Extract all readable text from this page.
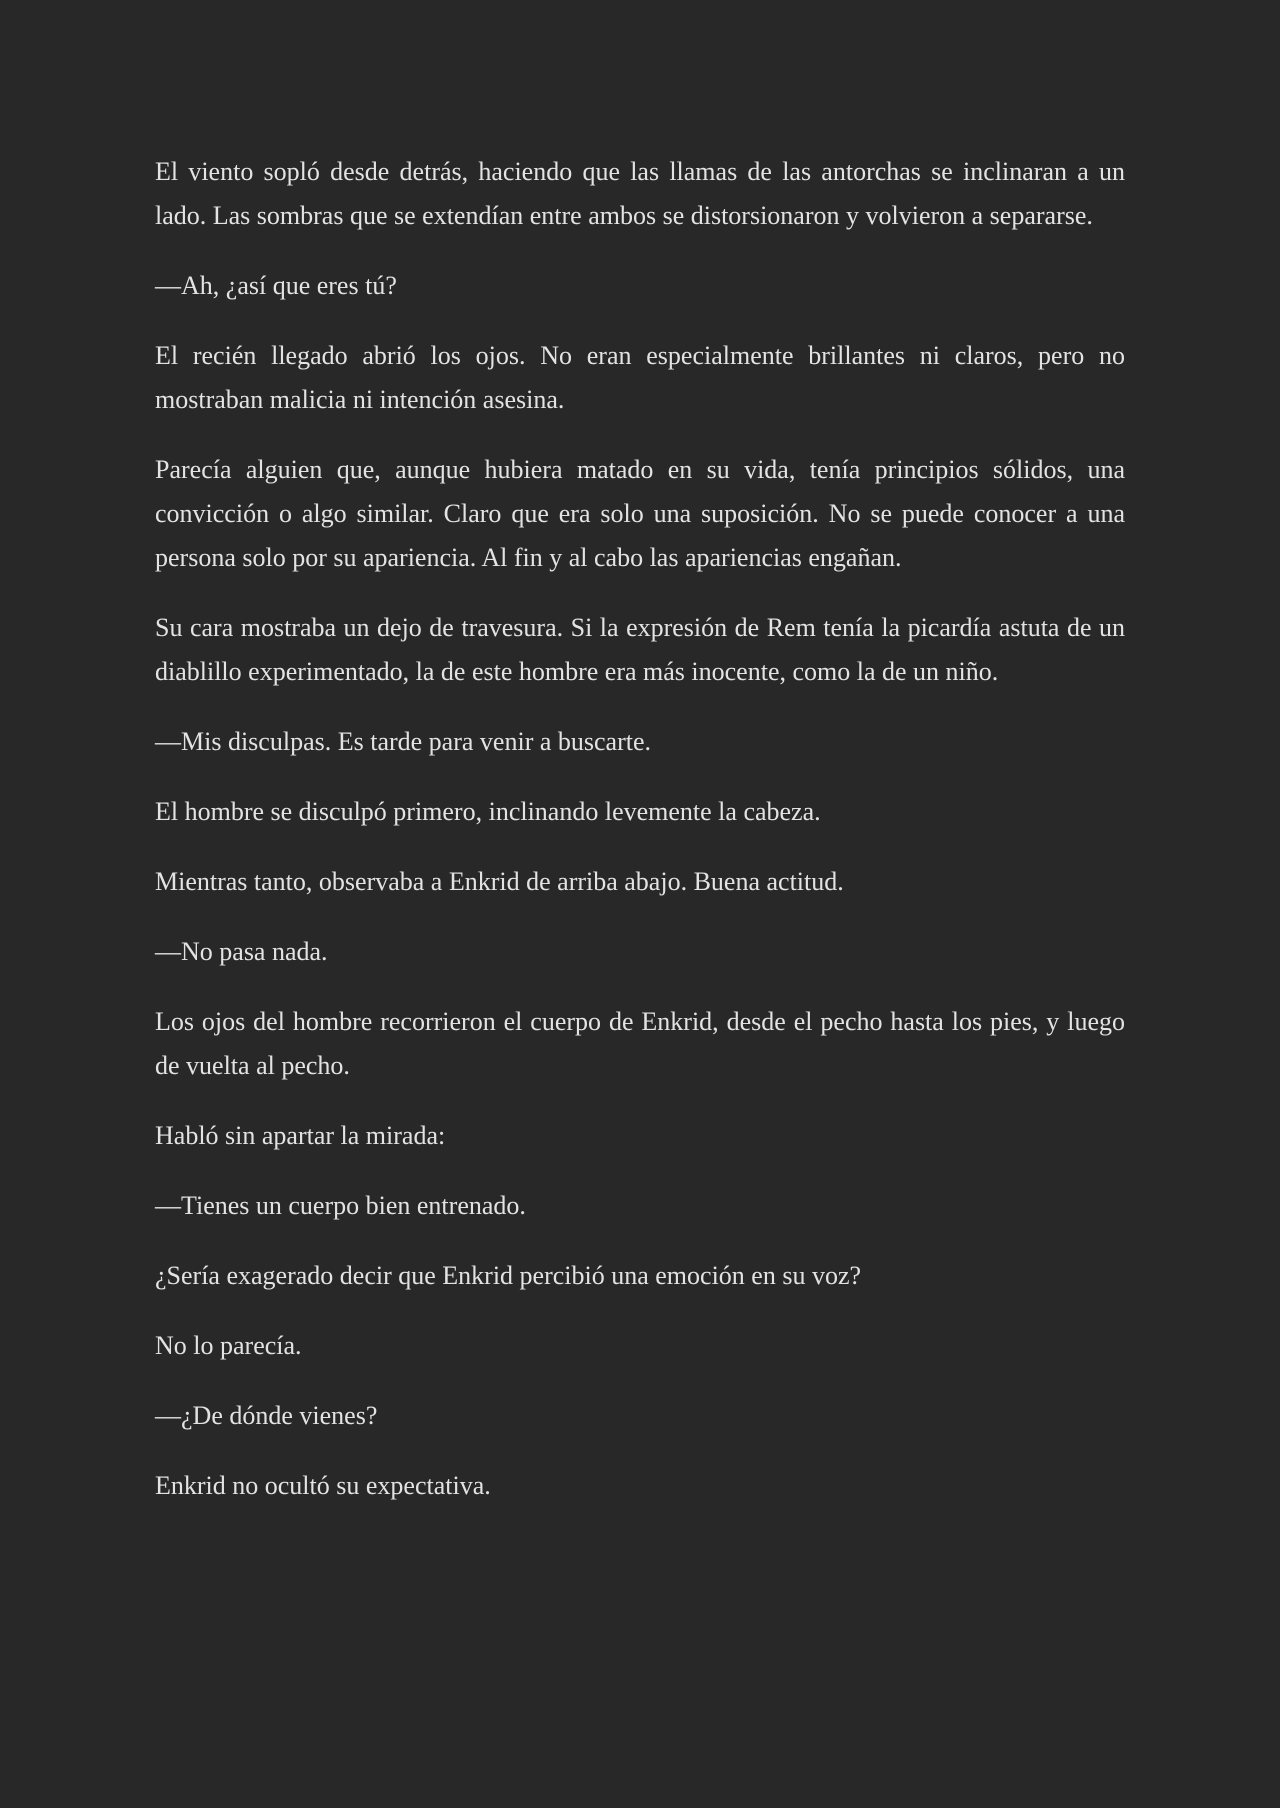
El viento sopló desde detrás, haciendo que las llamas de las antorchas se inclinaran a un lado. Las sombras que se extendían entre ambos se distorsionaron y volvieron a separarse.

—Ah, ¿así que eres tú?

El recién llegado abrió los ojos. No eran especialmente brillantes ni claros, pero no mostraban malicia ni intención asesina.

Parecía alguien que, aunque hubiera matado en su vida, tenía principios sólidos, una convicción o algo similar. Claro que era solo una suposición. No se puede conocer a una persona solo por su apariencia. Al fin y al cabo las apariencias engañan.

Su cara mostraba un dejo de travesura. Si la expresión de Rem tenía la picardía astuta de un diablillo experimentado, la de este hombre era más inocente, como la de un niño.

—Mis disculpas. Es tarde para venir a buscarte.

El hombre se disculpó primero, inclinando levemente la cabeza.

Mientras tanto, observaba a Enkrid de arriba abajo. Buena actitud.

—No pasa nada.

Los ojos del hombre recorrieron el cuerpo de Enkrid, desde el pecho hasta los pies, y luego de vuelta al pecho.

Habló sin apartar la mirada:

—Tienes un cuerpo bien entrenado.

¿Sería exagerado decir que Enkrid percibió una emoción en su voz?

No lo parecía.

—¿De dónde vienes?

Enkrid no ocultó su expectativa.
